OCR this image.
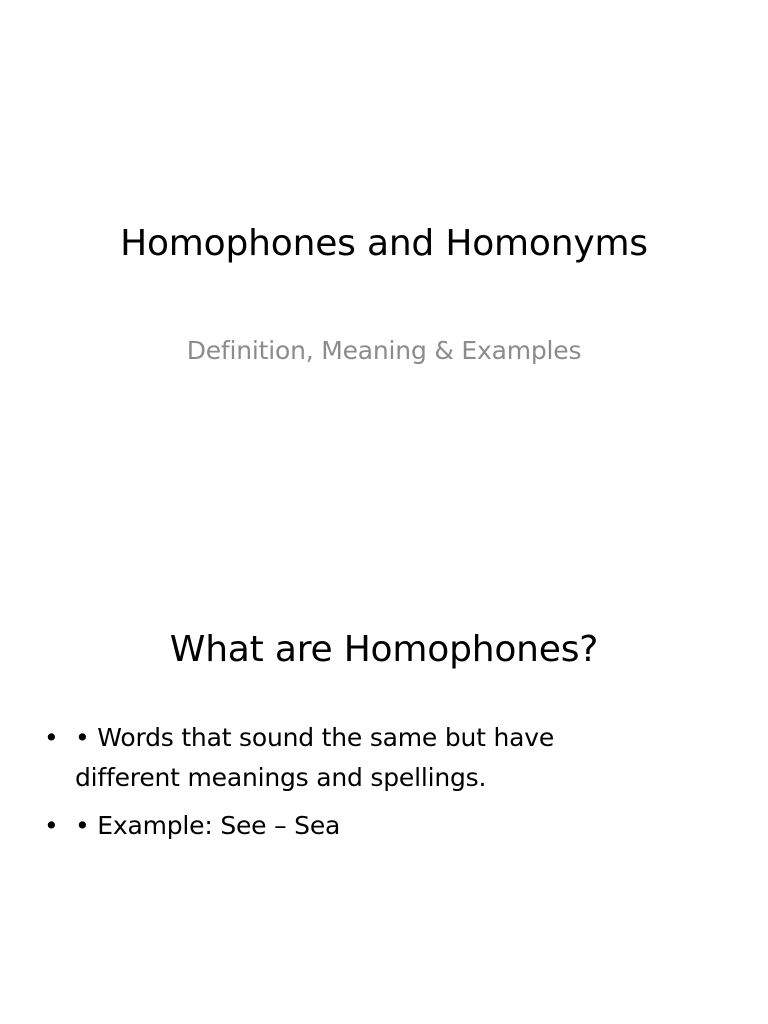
Homophones and Homonyms
Definition, Meaning & Examples
What are Homophones?
• • Words that sound the same but have different meanings and spellings.
• • Example: See – Sea
